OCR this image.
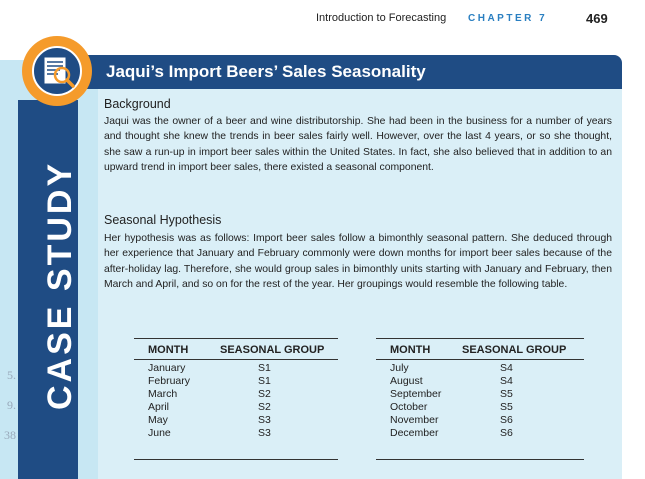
Introduction to Forecasting CHAPTER 7	469
CASE STUDY
5.
9.
38
Jaqui’s Import Beers’ Sales Seasonality
Background

Jaqui was the owner of a beer and wine distributorship. She had been in the business for a number of years and thought she knew the trends in beer sales fairly well. However, over the last 4 years, or so she thought, she saw a run-up in import beer sales within the United States. In fact, she also believed that in addition to an upward trend in import beer sales, there existed a seasonal component.

Seasonal Hypothesis

Her hypothesis was as follows: Import beer sales follow a bimonthly seasonal pattern. She deduced through her experience that January and February commonly were down months for import beer sales because of the after-holiday lag. Therefore, she would group sales in bimonthly units starting with January and February, then March and April, and so on for the rest of the year. Her groupings would resemble the following table.

MONTH	SEASONAL GROUP
January	S1
February	S1
March	S2
April	S2
May	S3
June	S3
MONTH	SEASONAL GROUP
July	S4
August	S4
September	S5
October	S5
November	S6
December	S6
